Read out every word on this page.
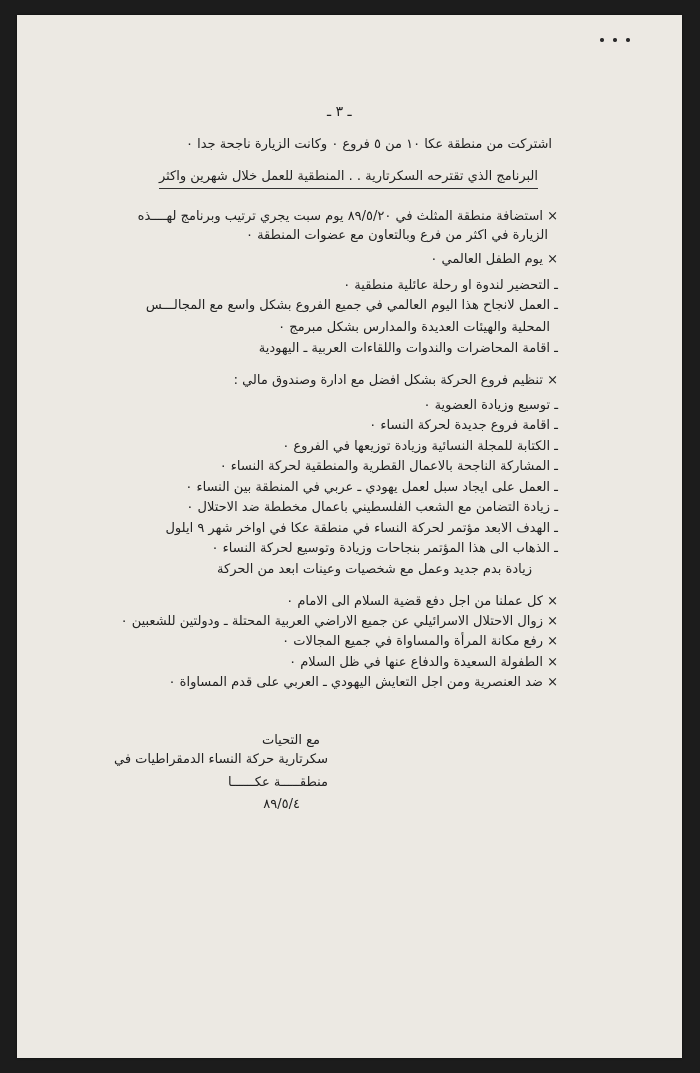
ـ ٣ ـ
اشتركت من منطقة عكا ١٠ من ٥ فروع ٠ وكانت الزيارة ناجحة جدا ٠
البرنامج الذي تقترحه السكرتارية . . المنطقية للعمل خلال شهرين واكثر
× استضافة منطقة المثلث في ٨٩/٥/٢٠ يوم سبت يجري ترتيب وبرنامج لهــــذه
الزيارة في اكثر من فرع وبالتعاون مع عضوات المنطقة ٠
× يوم الطفل العالمي ٠
ـ التحضير لندوة او رحلة عائلية منطقية ٠
ـ العمل لانجاح هذا اليوم العالمي في جميع الفروع بشكل واسع مع المجالـــس
المحلية والهيئات العديدة والمدارس بشكل مبرمج ٠
ـ اقامة المحاضرات والندوات واللقاءات العربية ـ اليهودية
× تنظيم فروع الحركة بشكل افضل مع ادارة وصندوق مالي :
ـ توسيع وزيادة العضوية ٠
ـ اقامة فروع جديدة لحركة النساء ٠
ـ الكتابة للمجلة النسائية وزيادة توزيعها في الفروع ٠
ـ المشاركة الناجحة بالاعمال القطرية والمنطقية لحركة النساء ٠
ـ العمل على ايجاد سبل لعمل يهودي ـ عربي في المنطقة بين النساء ٠
ـ زيادة التضامن مع الشعب الفلسطيني باعمال مخططة ضد الاحتلال ٠
ـ الهدف الابعد مؤتمر لحركة النساء في منطقة عكا في اواخر شهر ٩ ايلول
ـ الذهاب الى هذا المؤتمر بنجاحات وزيادة وتوسيع لحركة النساء ٠
زيادة بدم جديد وعمل مع شخصيات وعينات ابعد من الحركة
× كل عملنا من اجل دفع قضية السلام الى الامام ٠
× زوال الاحتلال الاسرائيلي عن جميع الاراضي العربية المحتلة ـ ودولتين للشعبين ٠
× رفع مكانة المرأة والمساواة في جميع المجالات ٠
× الطفولة السعيدة والدفاع عنها في ظل السلام ٠
× ضد العنصرية ومن اجل التعايش اليهودي ـ العربي على قدم المساواة ٠
مع التحيات
سكرتارية حركة النساء الدمقراطيات في
منطقـــــة عكــــــا
٨٩/٥/٤
